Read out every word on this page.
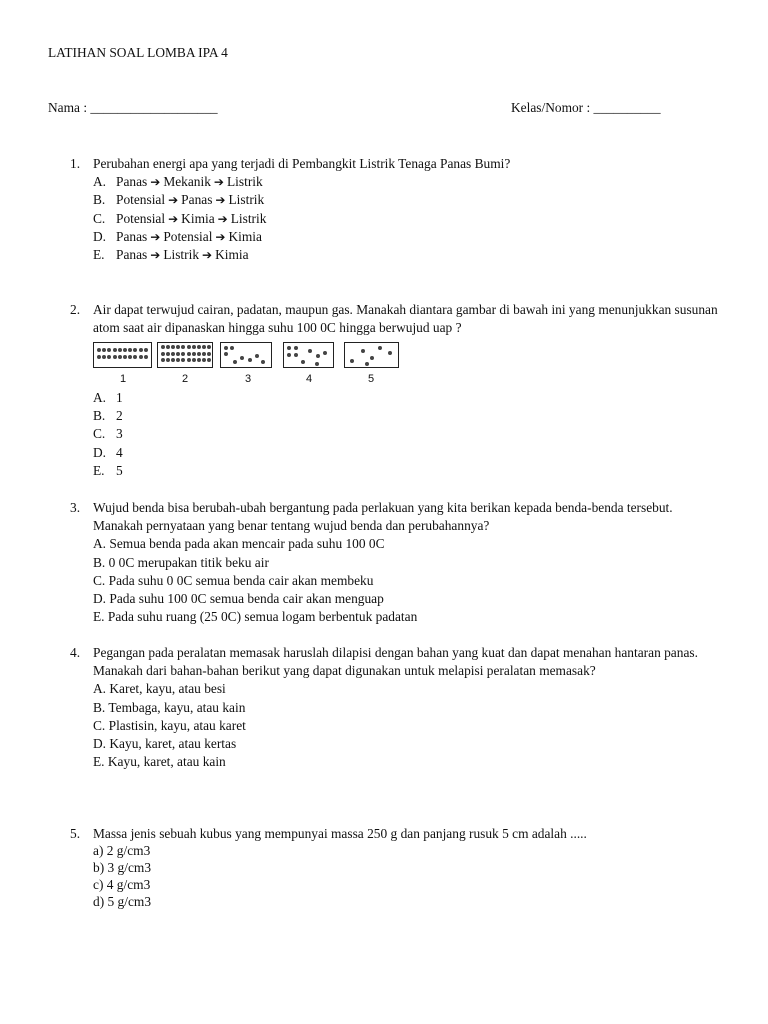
LATIHAN SOAL LOMBA IPA 4
Nama : ___________________	Kelas/Nomor : __________
1. Perubahan energi apa yang terjadi di Pembangkit Listrik Tenaga Panas Bumi?
A. Panas ➔ Mekanik ➔ Listrik
B. Potensial ➔ Panas ➔ Listrik
C. Potensial ➔ Kimia ➔ Listrik
D. Panas ➔ Potensial ➔ Kimia
E. Panas ➔ Listrik ➔ Kimia
2. Air dapat terwujud cairan, padatan, maupun gas. Manakah diantara gambar di bawah ini yang menunjukkan susunan atom saat air dipanaskan hingga suhu 100 0C hingga berwujud uap ?
1	2	3	4	5
A. 1
B. 2
C. 3
D. 4
E. 5
3. Wujud benda bisa berubah-ubah bergantung pada perlakuan yang kita berikan kepada benda-benda tersebut. Manakah pernyataan yang benar tentang wujud benda dan perubahannya?
A. Semua benda pada akan mencair pada suhu 100 0C
B. 0 0C merupakan titik beku air
C. Pada suhu 0 0C semua benda cair akan membeku
D. Pada suhu 100 0C semua benda cair akan menguap
E. Pada suhu ruang (25 0C) semua logam berbentuk padatan
4. Pegangan pada peralatan memasak haruslah dilapisi dengan bahan yang kuat dan dapat menahan hantaran panas. Manakah dari bahan-bahan berikut yang dapat digunakan untuk melapisi peralatan memasak?
A. Karet, kayu, atau besi
B. Tembaga, kayu, atau kain
C. Plastisin, kayu, atau karet
D. Kayu, karet, atau kertas
E. Kayu, karet, atau kain
5. Massa jenis sebuah kubus yang mempunyai massa 250 g dan panjang rusuk 5 cm adalah .....
a) 2 g/cm3
b) 3 g/cm3
c) 4 g/cm3
d) 5 g/cm3
